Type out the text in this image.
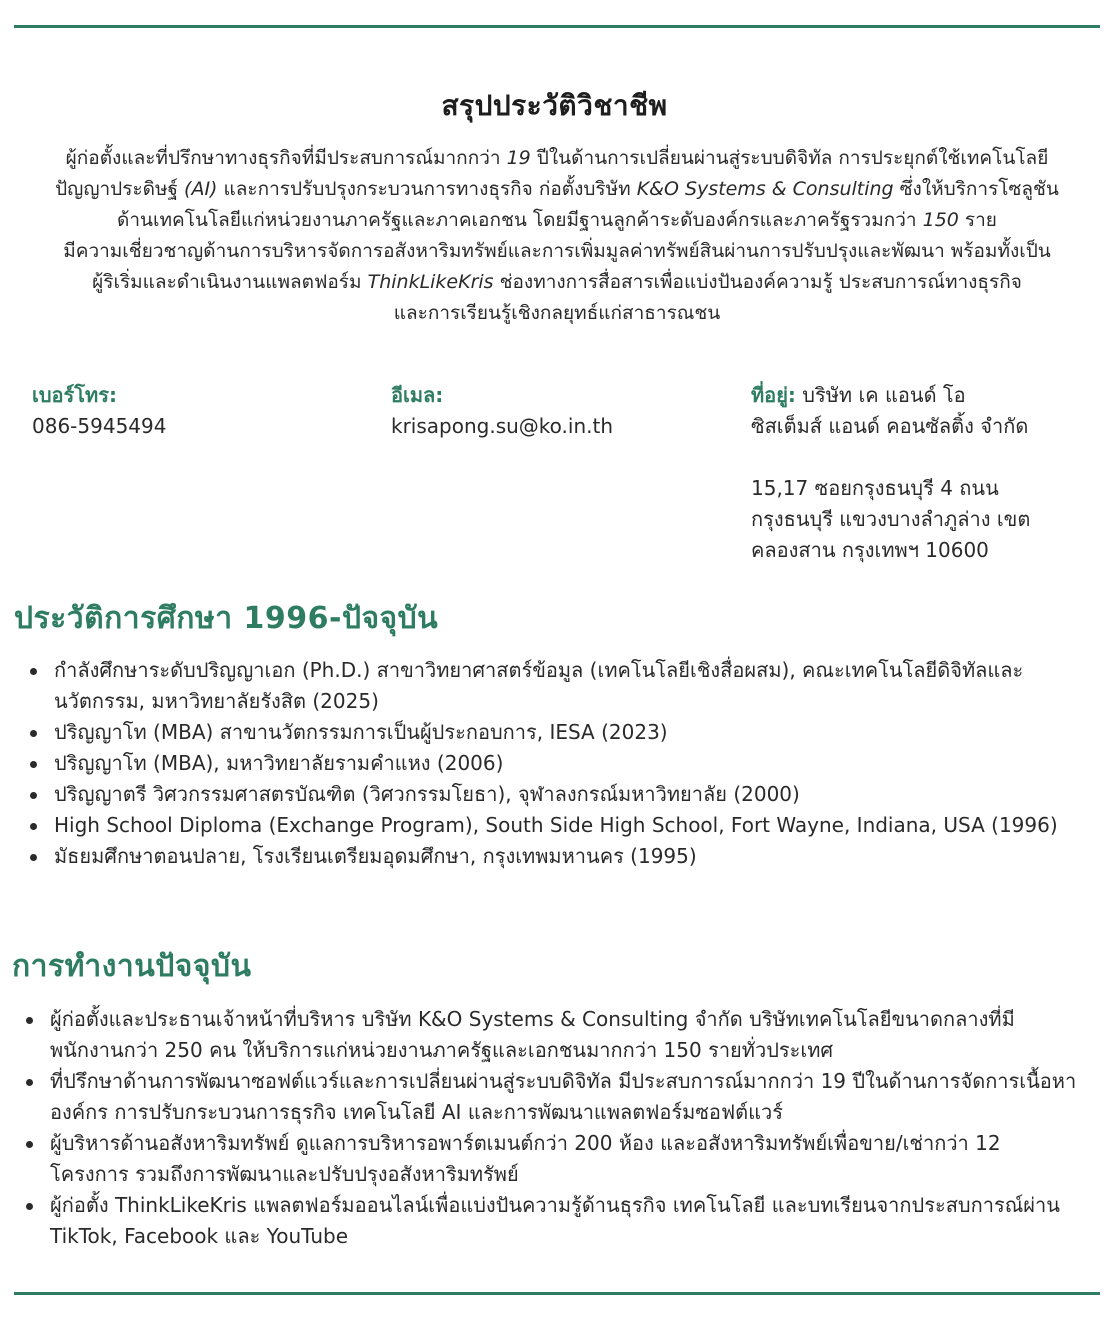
สรุปประวัติวิชาชีพ

ผู้ก่อตั้งและที่ปรึกษาทางธุรกิจที่มีประสบการณ์มากกว่า 19 ปีในด้านการเปลี่ยนผ่านสู่ระบบดิจิทัล การประยุกต์ใช้เทคโนโลยี
ปัญญาประดิษฐ์ (AI) และการปรับปรุงกระบวนการทางธุรกิจ ก่อตั้งบริษัท K&O Systems & Consulting ซึ่งให้บริการโซลูชัน
ด้านเทคโนโลยีแก่หน่วยงานภาครัฐและภาคเอกชน โดยมีฐานลูกค้าระดับองค์กรและภาครัฐรวมกว่า 150 ราย
มีความเชี่ยวชาญด้านการบริหารจัดการอสังหาริมทรัพย์และการเพิ่มมูลค่าทรัพย์สินผ่านการปรับปรุงและพัฒนา พร้อมทั้งเป็น
ผู้ริเริ่มและดำเนินงานแพลตฟอร์ม ThinkLikeKris ช่องทางการสื่อสารเพื่อแบ่งปันองค์ความรู้ ประสบการณ์ทางธุรกิจ
และการเรียนรู้เชิงกลยุทธ์แก่สาธารณชน

เบอร์โทร:
086-5945494
อีเมล:
krisapong.su@ko.in.th
ที่อยู่: บริษัท เค แอนด์ โอ
ซิสเต็มส์ แอนด์ คอนซัลติ้ง จำกัด
15,17 ซอยกรุงธนบุรี 4 ถนน
กรุงธนบุรี แขวงบางลำภูล่าง เขต
คลองสาน กรุงเทพฯ 10600
ประวัติการศึกษา 1996-ปัจจุบัน
กำลังศึกษาระดับปริญญาเอก (Ph.D.) สาขาวิทยาศาสตร์ข้อมูล (เทคโนโลยีเชิงสื่อผสม), คณะเทคโนโลยีดิจิทัลและ
นวัตกรรม, มหาวิทยาลัยรังสิต (2025)
ปริญญาโท (MBA) สาขานวัตกรรมการเป็นผู้ประกอบการ, IESA (2023)
ปริญญาโท (MBA), มหาวิทยาลัยรามคำแหง (2006)
ปริญญาตรี วิศวกรรมศาสตรบัณฑิต (วิศวกรรมโยธา), จุฬาลงกรณ์มหาวิทยาลัย (2000)
High School Diploma (Exchange Program), South Side High School, Fort Wayne, Indiana, USA (1996)
มัธยมศึกษาตอนปลาย, โรงเรียนเตรียมอุดมศึกษา, กรุงเทพมหานคร (1995)
การทำงานปัจจุบัน
ผู้ก่อตั้งและประธานเจ้าหน้าที่บริหาร บริษัท K&O Systems & Consulting จำกัด บริษัทเทคโนโลยีขนาดกลางที่มี
พนักงานกว่า 250 คน ให้บริการแก่หน่วยงานภาครัฐและเอกชนมากกว่า 150 รายทั่วประเทศ
ที่ปรึกษาด้านการพัฒนาซอฟต์แวร์และการเปลี่ยนผ่านสู่ระบบดิจิทัล มีประสบการณ์มากกว่า 19 ปีในด้านการจัดการเนื้อหา
องค์กร การปรับกระบวนการธุรกิจ เทคโนโลยี AI และการพัฒนาแพลตฟอร์มซอฟต์แวร์
ผู้บริหารด้านอสังหาริมทรัพย์ ดูแลการบริหารอพาร์ตเมนต์กว่า 200 ห้อง และอสังหาริมทรัพย์เพื่อขาย/เช่ากว่า 12
โครงการ รวมถึงการพัฒนาและปรับปรุงอสังหาริมทรัพย์
ผู้ก่อตั้ง ThinkLikeKris แพลตฟอร์มออนไลน์เพื่อแบ่งปันความรู้ด้านธุรกิจ เทคโนโลยี และบทเรียนจากประสบการณ์ผ่าน
TikTok, Facebook และ YouTube
